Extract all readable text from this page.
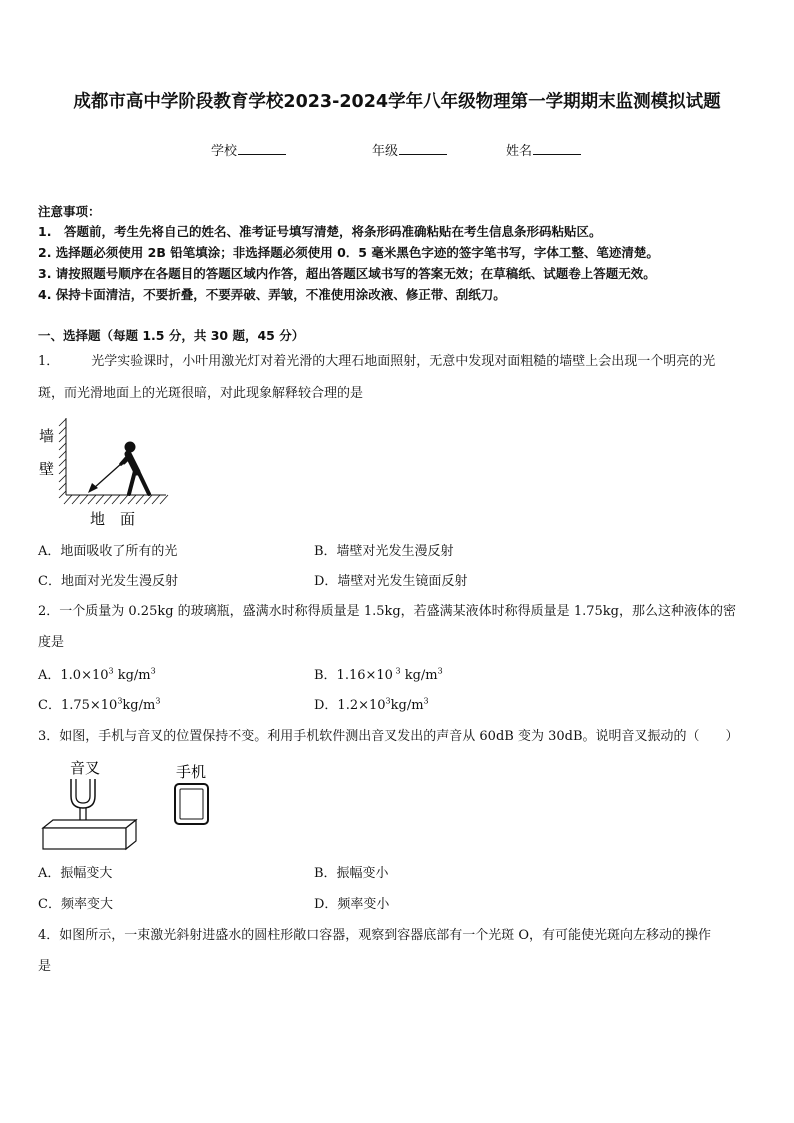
成都市高中学阶段教育学校2023-2024学年八年级物理第一学期期末监测模拟试题
学校	年级	姓名
注意事项：
1.　答题前，考生先将自己的姓名、准考证号填写清楚，将条形码准确粘贴在考生信息条形码粘贴区。
2. 选择题必须使用 2B 铅笔填涂；非选择题必须使用 0．5 毫米黑色字迹的签字笔书写，字体工整、笔迹清楚。
3. 请按照题号顺序在各题目的答题区域内作答，超出答题区域书写的答案无效；在草稿纸、试题卷上答题无效。
4. 保持卡面清洁，不要折叠，不要弄破、弄皱，不准使用涂改液、修正带、刮纸刀。
一、选择题（每题 1.5 分，共 30 题，45 分）
1． 光学实验课时，小叶用激光灯对着光滑的大理石地面照射，无意中发现对面粗糙的墙壁上会出现一个明亮的光
斑，而光滑地面上的光斑很暗，对此现象解释较合理的是
墙
壁
地　面
A．地面吸收了所有的光	B．墙壁对光发生漫反射
C．地面对光发生漫反射	D．墙壁对光发生镜面反射
2．一个质量为 0.25kg 的玻璃瓶，盛满水时称得质量是 1.5kg，若盛满某液体时称得质量是 1.75kg，那么这种液体的密
度是
A．$1.0\times 10^3$ $kg/m^3$	B．1.16×10 $^3$ $kg/m^3$
C．$1.75\times 10^3kg/m^3$	D．$1.2\times 10^3kg/m^3$
3．如图，手机与音叉的位置保持不变。利用手机软件测出音叉发出的声音从 60dB 变为 30dB。说明音叉振动的（　　）
音叉	手机
A．振幅变大	B．振幅变小
C．频率变大	D．频率变小
4．如图所示，一束激光斜射进盛水的圆柱形敞口容器，观察到容器底部有一个光斑 O，有可能使光斑向左移动的操作
是
